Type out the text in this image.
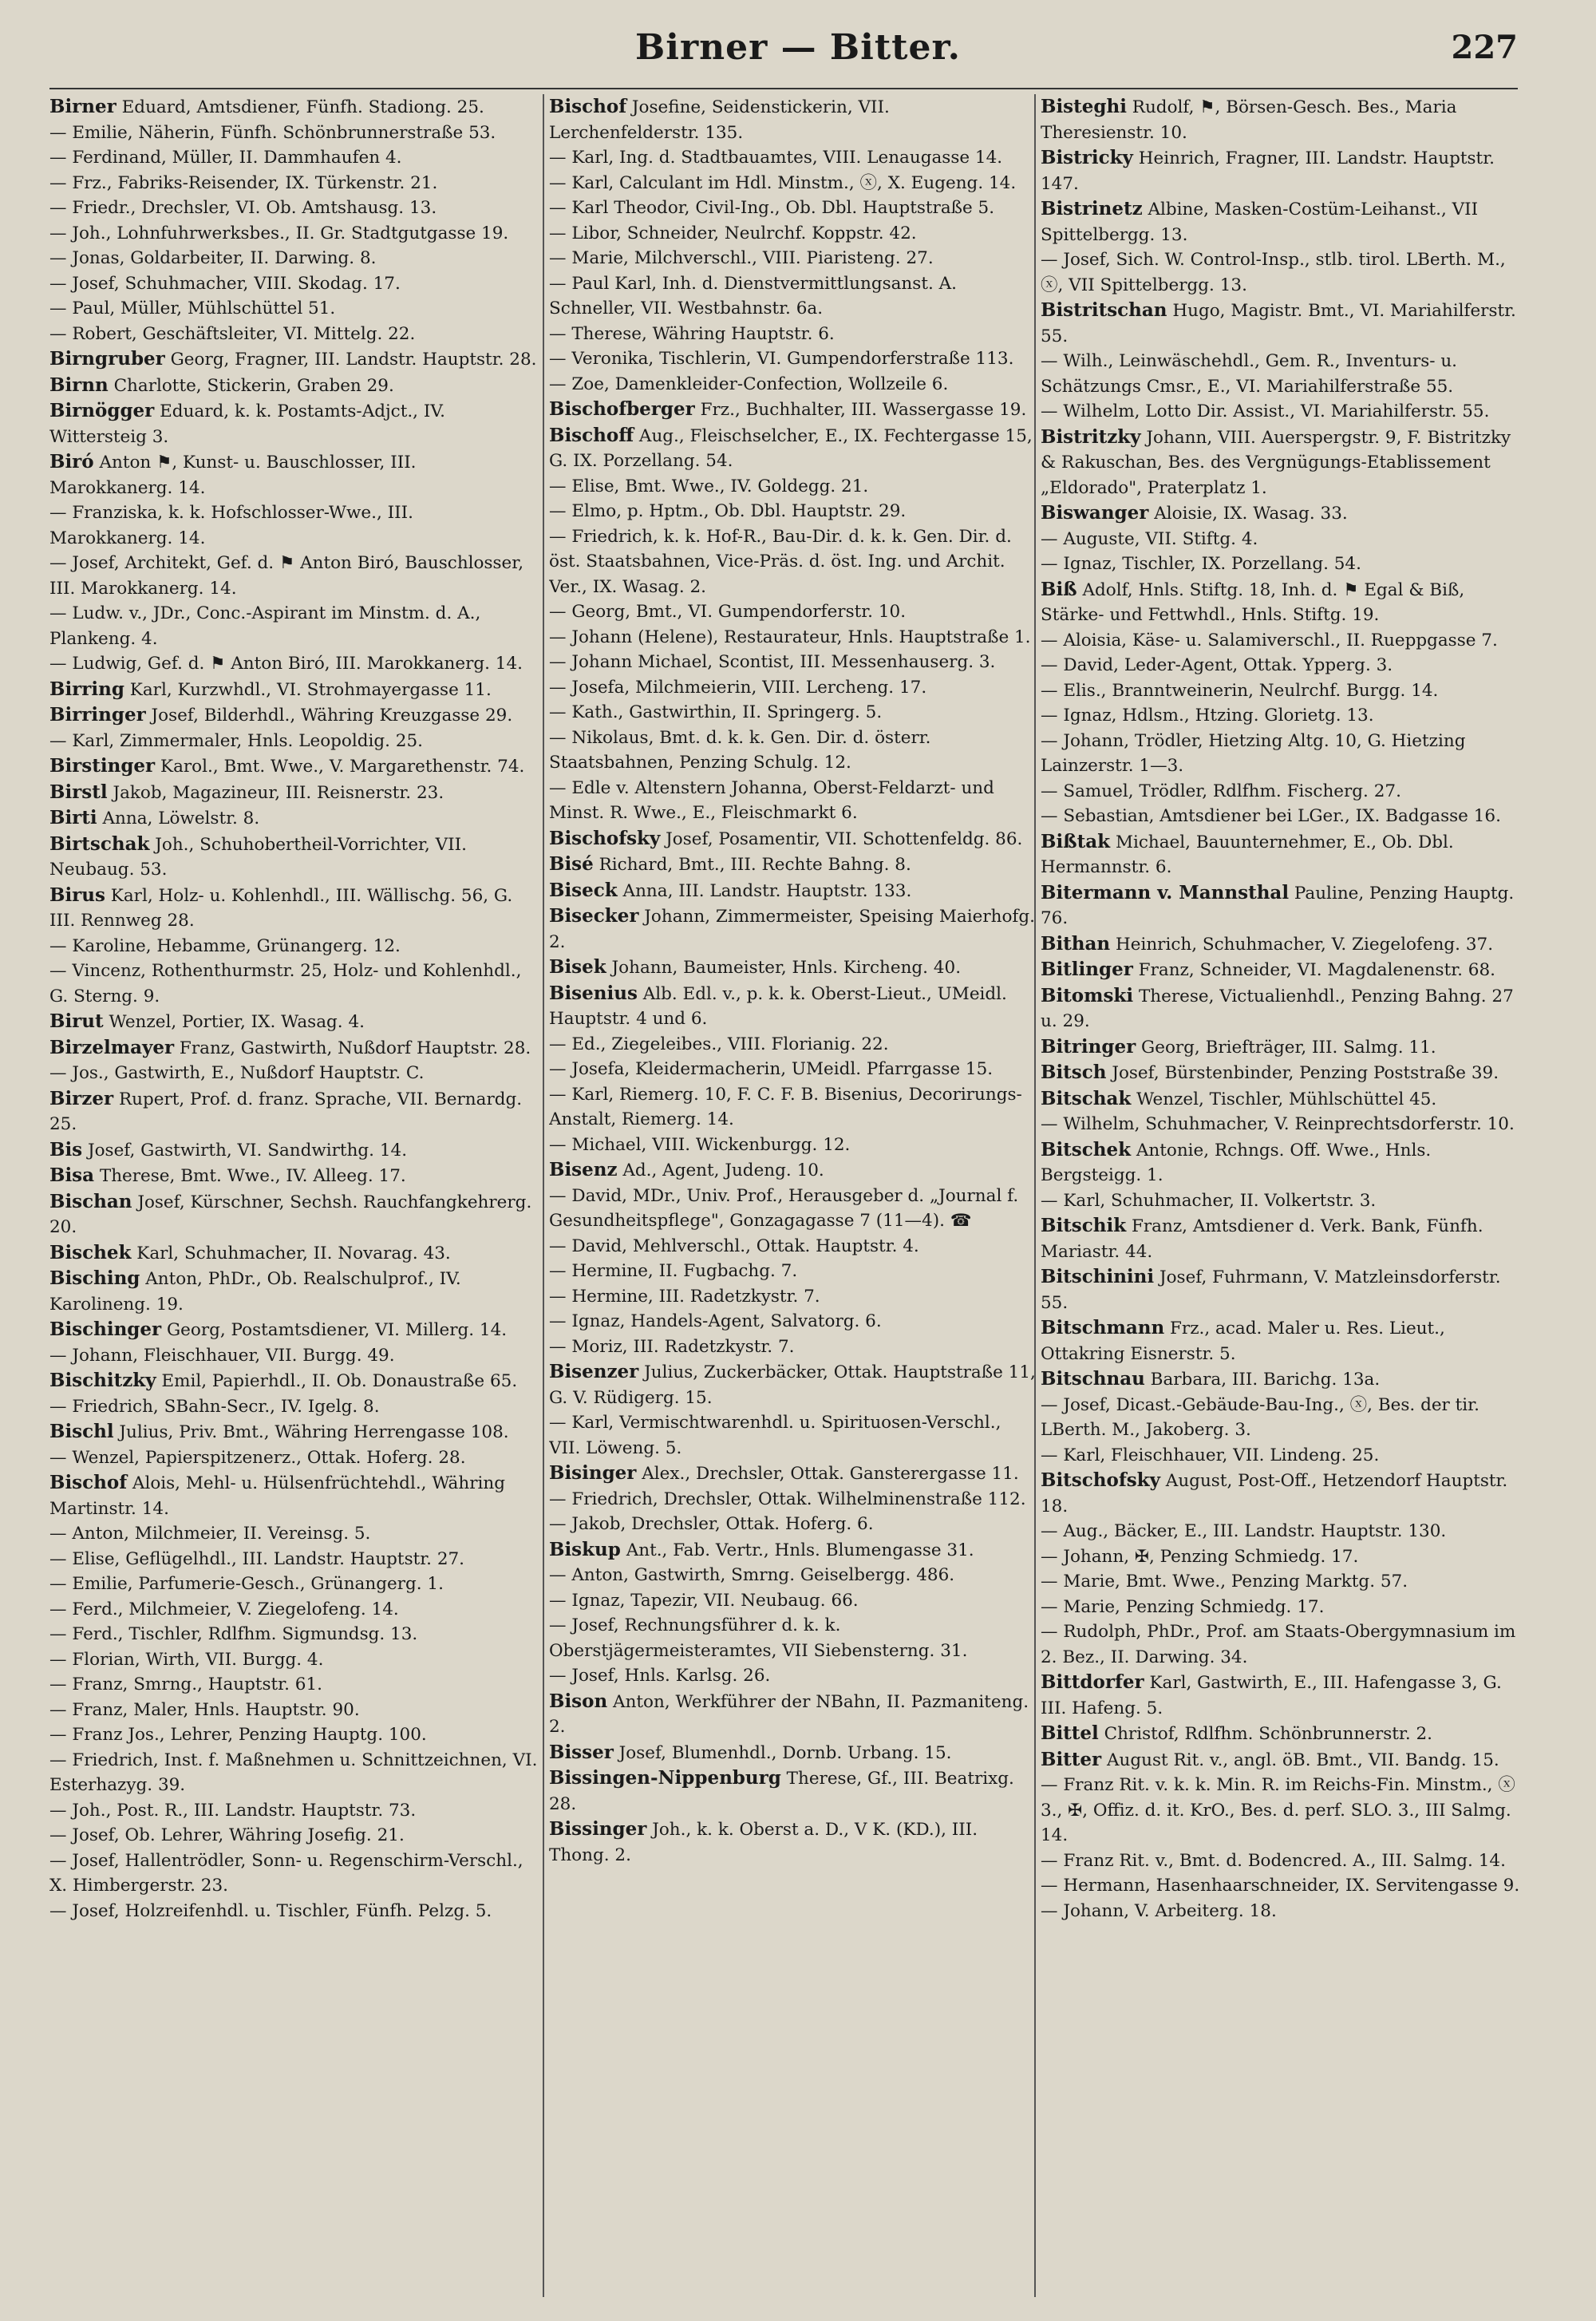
Birner — Bitter.	227

Birner Eduard, Amtsdiener, Fünfh. Stadiong. 25.

— Emilie, Näherin, Fünfh. Schönbrunnerstraße 53.

— Ferdinand, Müller, II. Dammhaufen 4.

— Frz., Fabriks-Reisender, IX. Türkenstr. 21.

— Friedr., Drechsler, VI. Ob. Amtshausg. 13.

— Joh., Lohnfuhrwerksbes., II. Gr. Stadtgutgasse 19.

— Jonas, Goldarbeiter, II. Darwing. 8.

— Josef, Schuhmacher, VIII. Skodag. 17.

— Paul, Müller, Mühlschüttel 51.

— Robert, Geschäftsleiter, VI. Mittelg. 22.

Birngruber Georg, Fragner, III. Landstr. Hauptstr. 28.

Birnn Charlotte, Stickerin, Graben 29.

Birnögger Eduard, k. k. Postamts-Adjct., IV. Wittersteig 3.

Biró Anton ⚑, Kunst- u. Bauschlosser, III. Marokkanerg. 14.

— Franziska, k. k. Hofschlosser-Wwe., III. Marokkanerg. 14.

— Josef, Architekt, Gef. d. ⚑ Anton Biró, Bauschlosser, III. Marokkanerg. 14.

— Ludw. v., JDr., Conc.-Aspirant im Minstm. d. A., Plankeng. 4.

— Ludwig, Gef. d. ⚑ Anton Biró, III. Marokkanerg. 14.

Birring Karl, Kurzwhdl., VI. Strohmayergasse 11.

Birringer Josef, Bilderhdl., Währing Kreuzgasse 29.

— Karl, Zimmermaler, Hnls. Leopoldig. 25.

Birstinger Karol., Bmt. Wwe., V. Margarethenstr. 74.

Birstl Jakob, Magazineur, III. Reisnerstr. 23.

Birti Anna, Löwelstr. 8.

Birtschak Joh., Schuhobertheil-Vorrichter, VII. Neubaug. 53.

Birus Karl, Holz- u. Kohlenhdl., III. Wällischg. 56, G. III. Rennweg 28.

— Karoline, Hebamme, Grünangerg. 12.

— Vincenz, Rothenthurmstr. 25, Holz- und Kohlenhdl., G. Sterng. 9.

Birut Wenzel, Portier, IX. Wasag. 4.

Birzelmayer Franz, Gastwirth, Nußdorf Hauptstr. 28.

— Jos., Gastwirth, E., Nußdorf Hauptstr. C.

Birzer Rupert, Prof. d. franz. Sprache, VII. Bernardg. 25.

Bis Josef, Gastwirth, VI. Sandwirthg. 14.

Bisa Therese, Bmt. Wwe., IV. Alleeg. 17.

Bischan Josef, Kürschner, Sechsh. Rauchfangkehrerg. 20.

Bischek Karl, Schuhmacher, II. Novarag. 43.

Bisching Anton, PhDr., Ob. Realschulprof., IV. Karolineng. 19.

Bischinger Georg, Postamtsdiener, VI. Millerg. 14.

— Johann, Fleischhauer, VII. Burgg. 49.

Bischitzky Emil, Papierhdl., II. Ob. Donaustraße 65.

— Friedrich, SBahn-Secr., IV. Igelg. 8.

Bischl Julius, Priv. Bmt., Währing Herrengasse 108.

— Wenzel, Papierspitzenerz., Ottak. Hoferg. 28.

Bischof Alois, Mehl- u. Hülsenfrüchtehdl., Währing Martinstr. 14.

— Anton, Milchmeier, II. Vereinsg. 5.

— Elise, Geflügelhdl., III. Landstr. Hauptstr. 27.

— Emilie, Parfumerie-Gesch., Grünangerg. 1.

— Ferd., Milchmeier, V. Ziegelofeng. 14.

— Ferd., Tischler, Rdlfhm. Sigmundsg. 13.

— Florian, Wirth, VII. Burgg. 4.

— Franz, Smrng., Hauptstr. 61.

— Franz, Maler, Hnls. Hauptstr. 90.

— Franz Jos., Lehrer, Penzing Hauptg. 100.

— Friedrich, Inst. f. Maßnehmen u. Schnittzeichnen, VI. Esterhazyg. 39.

— Joh., Post. R., III. Landstr. Hauptstr. 73.

— Josef, Ob. Lehrer, Währing Josefig. 21.

— Josef, Hallentrödler, Sonn- u. Regenschirm-Verschl., X. Himbergerstr. 23.

— Josef, Holzreifenhdl. u. Tischler, Fünfh. Pelzg. 5.

Bischof Josefine, Seidenstickerin, VII. Lerchenfelderstr. 135.

— Karl, Ing. d. Stadtbauamtes, VIII. Lenaugasse 14.

— Karl, Calculant im Hdl. Minstm., ⓧ, X. Eugeng. 14.

— Karl Theodor, Civil-Ing., Ob. Dbl. Hauptstraße 5.

— Libor, Schneider, Neulrchf. Koppstr. 42.

— Marie, Milchverschl., VIII. Piaristeng. 27.

— Paul Karl, Inh. d. Dienstvermittlungsanst. A. Schneller, VII. Westbahnstr. 6a.

— Therese, Währing Hauptstr. 6.

— Veronika, Tischlerin, VI. Gumpendorferstraße 113.

— Zoe, Damenkleider-Confection, Wollzeile 6.

Bischofberger Frz., Buchhalter, III. Wassergasse 19.

Bischoff Aug., Fleischselcher, E., IX. Fechtergasse 15, G. IX. Porzellang. 54.

— Elise, Bmt. Wwe., IV. Goldegg. 21.

— Elmo, p. Hptm., Ob. Dbl. Hauptstr. 29.

— Friedrich, k. k. Hof-R., Bau-Dir. d. k. k. Gen. Dir. d. öst. Staatsbahnen, Vice-Präs. d. öst. Ing. und Archit. Ver., IX. Wasag. 2.

— Georg, Bmt., VI. Gumpendorferstr. 10.

— Johann (Helene), Restaurateur, Hnls. Hauptstraße 1.

— Johann Michael, Scontist, III. Messenhauserg. 3.

— Josefa, Milchmeierin, VIII. Lercheng. 17.

— Kath., Gastwirthin, II. Springerg. 5.

— Nikolaus, Bmt. d. k. k. Gen. Dir. d. österr. Staatsbahnen, Penzing Schulg. 12.

— Edle v. Altenstern Johanna, Oberst-Feldarzt- und Minst. R. Wwe., E., Fleischmarkt 6.

Bischofsky Josef, Posamentir, VII. Schottenfeldg. 86.

Bisé Richard, Bmt., III. Rechte Bahng. 8.

Biseck Anna, III. Landstr. Hauptstr. 133.

Bisecker Johann, Zimmermeister, Speising Maierhofg. 2.

Bisek Johann, Baumeister, Hnls. Kircheng. 40.

Bisenius Alb. Edl. v., p. k. k. Oberst-Lieut., UMeidl. Hauptstr. 4 und 6.

— Ed., Ziegeleibes., VIII. Florianig. 22.

— Josefa, Kleidermacherin, UMeidl. Pfarrgasse 15.

— Karl, Riemerg. 10, F. C. F. B. Bisenius, Decorirungs-Anstalt, Riemerg. 14.

— Michael, VIII. Wickenburgg. 12.

Bisenz Ad., Agent, Judeng. 10.

— David, MDr., Univ. Prof., Herausgeber d. „Journal f. Gesundheitspflege", Gonzagagasse 7 (11—4). ☎

— David, Mehlverschl., Ottak. Hauptstr. 4.

— Hermine, II. Fugbachg. 7.

— Hermine, III. Radetzkystr. 7.

— Ignaz, Handels-Agent, Salvatorg. 6.

— Moriz, III. Radetzkystr. 7.

Bisenzer Julius, Zuckerbäcker, Ottak. Hauptstraße 11, G. V. Rüdigerg. 15.

— Karl, Vermischtwarenhdl. u. Spirituosen-Verschl., VII. Löweng. 5.

Bisinger Alex., Drechsler, Ottak. Gansterergasse 11.

— Friedrich, Drechsler, Ottak. Wilhelminenstraße 112.

— Jakob, Drechsler, Ottak. Hoferg. 6.

Biskup Ant., Fab. Vertr., Hnls. Blumengasse 31.

— Anton, Gastwirth, Smrng. Geiselbergg. 486.

— Ignaz, Tapezir, VII. Neubaug. 66.

— Josef, Rechnungsführer d. k. k. Oberstjägermeisteramtes, VII Siebensterng. 31.

— Josef, Hnls. Karlsg. 26.

Bison Anton, Werkführer der NBahn, II. Pazmaniteng. 2.

Bisser Josef, Blumenhdl., Dornb. Urbang. 15.

Bissingen-Nippenburg Therese, Gf., III. Beatrixg. 28.

Bissinger Joh., k. k. Oberst a. D., V K. (KD.), III. Thong. 2.

Bisteghi Rudolf, ⚑, Börsen-Gesch. Bes., Maria Theresienstr. 10.

Bistricky Heinrich, Fragner, III. Landstr. Hauptstr. 147.

Bistrinetz Albine, Masken-Costüm-Leihanst., VII Spittelbergg. 13.

— Josef, Sich. W. Control-Insp., stlb. tirol. LBerth. M., ⓧ, VII Spittelbergg. 13.

Bistritschan Hugo, Magistr. Bmt., VI. Mariahilferstr. 55.

— Wilh., Leinwäschehdl., Gem. R., Inventurs- u. Schätzungs Cmsr., E., VI. Mariahilferstraße 55.

— Wilhelm, Lotto Dir. Assist., VI. Mariahilferstr. 55.

Bistritzky Johann, VIII. Auerspergstr. 9, F. Bistritzky & Rakuschan, Bes. des Vergnügungs-Etablissement „Eldorado", Praterplatz 1.

Biswanger Aloisie, IX. Wasag. 33.

— Auguste, VII. Stiftg. 4.

— Ignaz, Tischler, IX. Porzellang. 54.

Biß Adolf, Hnls. Stiftg. 18, Inh. d. ⚑ Egal & Biß, Stärke- und Fettwhdl., Hnls. Stiftg. 19.

— Aloisia, Käse- u. Salamiverschl., II. Rueppgasse 7.

— David, Leder-Agent, Ottak. Ypperg. 3.

— Elis., Branntweinerin, Neulrchf. Burgg. 14.

— Ignaz, Hdlsm., Htzing. Glorietg. 13.

— Johann, Trödler, Hietzing Altg. 10, G. Hietzing Lainzerstr. 1—3.

— Samuel, Trödler, Rdlfhm. Fischerg. 27.

— Sebastian, Amtsdiener bei LGer., IX. Badgasse 16.

Bißtak Michael, Bauunternehmer, E., Ob. Dbl. Hermannstr. 6.

Bitermann v. Mannsthal Pauline, Penzing Hauptg. 76.

Bithan Heinrich, Schuhmacher, V. Ziegelofeng. 37.

Bitlinger Franz, Schneider, VI. Magdalenenstr. 68.

Bitomski Therese, Victualienhdl., Penzing Bahng. 27 u. 29.

Bitringer Georg, Briefträger, III. Salmg. 11.

Bitsch Josef, Bürstenbinder, Penzing Poststraße 39.

Bitschak Wenzel, Tischler, Mühlschüttel 45.

— Wilhelm, Schuhmacher, V. Reinprechtsdorferstr. 10.

Bitschek Antonie, Rchngs. Off. Wwe., Hnls. Bergsteigg. 1.

— Karl, Schuhmacher, II. Volkertstr. 3.

Bitschik Franz, Amtsdiener d. Verk. Bank, Fünfh. Mariastr. 44.

Bitschinini Josef, Fuhrmann, V. Matzleinsdorferstr. 55.

Bitschmann Frz., acad. Maler u. Res. Lieut., Ottakring Eisnerstr. 5.

Bitschnau Barbara, III. Barichg. 13a.

— Josef, Dicast.-Gebäude-Bau-Ing., ⓧ, Bes. der tir. LBerth. M., Jakoberg. 3.

— Karl, Fleischhauer, VII. Lindeng. 25.

Bitschofsky August, Post-Off., Hetzendorf Hauptstr. 18.

— Aug., Bäcker, E., III. Landstr. Hauptstr. 130.

— Johann, ✠, Penzing Schmiedg. 17.

— Marie, Bmt. Wwe., Penzing Marktg. 57.

— Marie, Penzing Schmiedg. 17.

— Rudolph, PhDr., Prof. am Staats-Obergymnasium im 2. Bez., II. Darwing. 34.

Bittdorfer Karl, Gastwirth, E., III. Hafengasse 3, G. III. Hafeng. 5.

Bittel Christof, Rdlfhm. Schönbrunnerstr. 2.

Bitter August Rit. v., angl. öB. Bmt., VII. Bandg. 15.

— Franz Rit. v. k. k. Min. R. im Reichs-Fin. Minstm., ⓧ 3., ✠, Offiz. d. it. KrO., Bes. d. perf. SLO. 3., III Salmg. 14.

— Franz Rit. v., Bmt. d. Bodencred. A., III. Salmg. 14.

— Hermann, Hasenhaarschneider, IX. Servitengasse 9.

— Johann, V. Arbeiterg. 18.
